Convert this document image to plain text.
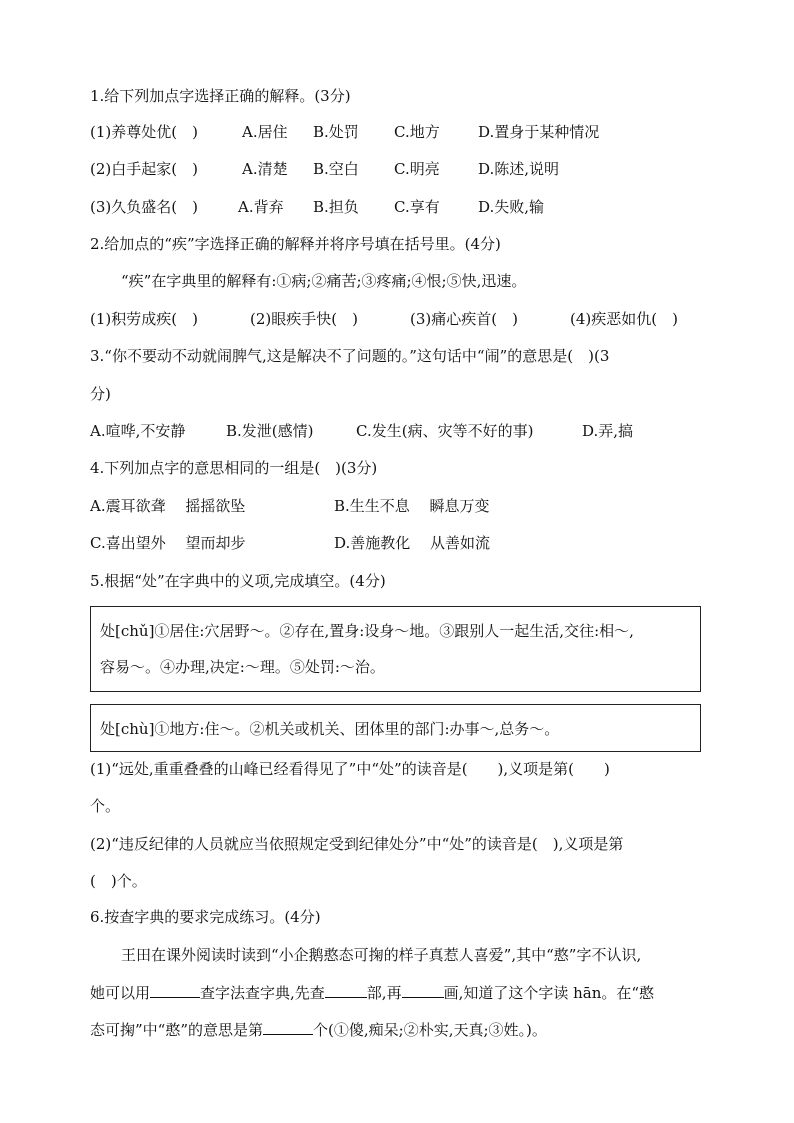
1.给下列加点字选择正确的解释。(3分)
(1)养尊处优(　)	A.居住 B.处罚 C.地方	D.置身于某种情况
(2)白手起家(　)	A.清楚 B.空白 C.明亮	D.陈述,说明
(3)久负盛名(　)	A.背弃 B.担负 C.享有	D.失败,输
2.给加点的“疾”字选择正确的解释并将序号填在括号里。(4分)
“疾”在字典里的解释有:①病;②痛苦;③疼痛;④恨;⑤快,迅速。
(1)积劳成疾(　)	(2)眼疾手快(　)	(3)痛心疾首(　)	(4)疾恶如仇(　)
3.“你不要动不动就闹脾气,这是解决不了问题的。”这句话中“闹”的意思是(　)(3
分)
A.喧哗,不安静	B.发泄(感情)	C.发生(病、灾等不好的事)	D.弄,搞
4.下列加点字的意思相同的一组是(　)(3分)
A.震耳欲聋　 摇摇欲坠	B.生生不息　 瞬息万变
C.喜出望外　 望而却步	D.善施教化　 从善如流
5.根据“处”在字典中的义项,完成填空。(4分)
处[chǔ]①居住:穴居野～。②存在,置身:设身～地。③跟别人一起生活,交往:相～,
容易～。④办理,决定:～理。⑤处罚:～治。
处[chù]①地方:住～。②机关或机关、团体里的部门:办事～,总务～。
(1)“远处,重重叠叠的山峰已经看得见了”中“处”的读音是(　　),义项是第(　　)
个。
(2)“违反纪律的人员就应当依照规定受到纪律处分”中“处”的读音是(　),义项是第
(　)个。
6.按查字典的要求完成练习。(4分)
王田在课外阅读时读到“小企鹅憨态可掬的样子真惹人喜爱”,其中“憨”字不认识,
她可以用	查字法查字典,先查	部,再	画,知道了这个字读 hān。在“憨
态可掬”中“憨”的意思是第	个(①傻,痴呆;②朴实,天真;③姓。)。
